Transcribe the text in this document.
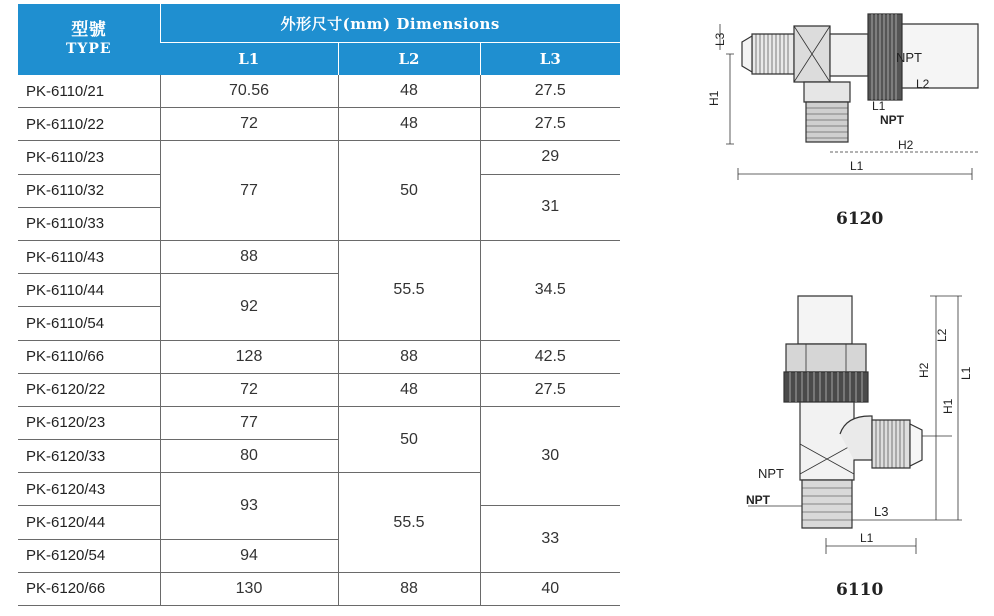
型號
TYPE	外形尺寸(mm) Dimensions		
	L1	L2	L3
PK-6110/21	70.56	48	27.5
PK-6110/22	72	48	27.5
PK-6110/23	77	50	29
PK-6110/32			31
PK-6110/33			
PK-6110/43	88	55.5	34.5
PK-6110/44	92		
PK-6110/54			
PK-6110/66	128	88	42.5
PK-6120/22	72	48	27.5
PK-6120/23	77	50	30
PK-6120/33	80		
PK-6120/43	93	55.5	
PK-6120/44			33
PK-6120/54	94		
PK-6120/66	130	88	40
L3
NPT
L2
L1
NPT
H1
H2
L1
6120
L2
L1
H2
H1
NPT
NPT
L3
L1
6110
